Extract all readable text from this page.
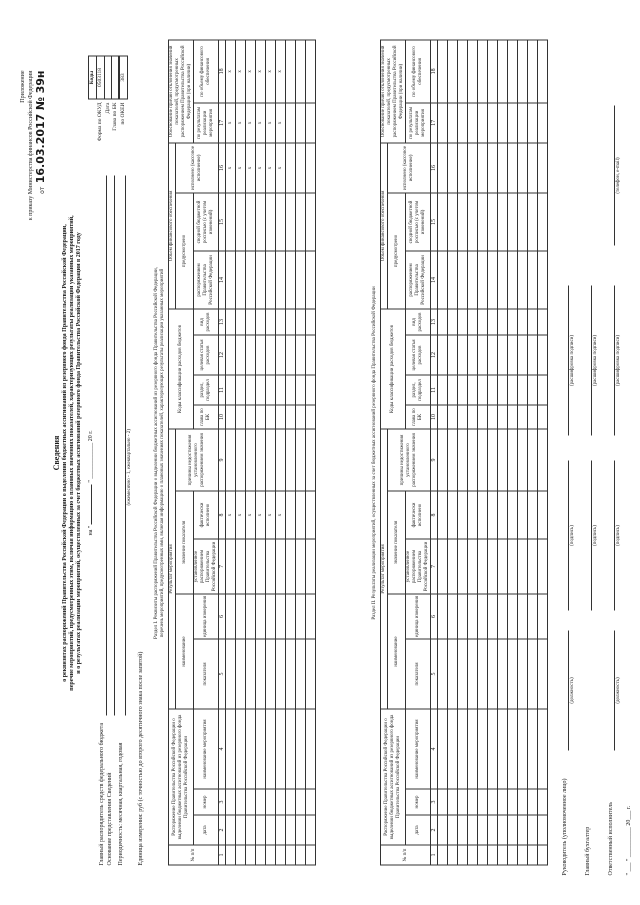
Приложение к приказу Министерства финансов Российской Федерации от 16.03.2017 № 39н
Сведения о реквизитах распоряжений Правительства Российской Федерации о выделении бюджетных ассигнований из резервного фонда Правительства Российской Федерации, перечне мероприятий, предусмотренных этим, включая информацию о плановых значениях показателей, характеризующих результаты реализации указанных мероприятий, и о результатах реализации мероприятий, осуществленных за счет бюджетных ассигнований резервного фонда Правительства Российской Федерации в 2017 году на "  " ____________ 20 г.
	Коды
Форма по ОКУД	0503118
Дата	
Глава по БК	

по ОКЕИ	383
Главный распорядитель средств федерального бюджета Основание представления Сведений Периодичность: месячная, квартальная, годовая
(ежемесячно - 1, ежеквартально - 2)
Единица измерения: руб (с точностью до второго десятичного знака после запятой)
Раздел I. Реквизиты распоряжений Правительства Российской Федерации о выделении бюджетных ассигнований из резервного фонда Правительства Российской Федерации, перечень мероприятий, предусмотренных ими, включая информацию о плановых значениях показателей, характеризующих результаты реализации указанных мероприятий
№ п/п	Распоряжение Правительства Российской Федерации о выделении бюджетных ассигнований из резервного фонда Правительства Российской Федерации			Результат мероприятия					Коды классификации расходов бюджетов				Объем финансового обеспечения			Обоснование причин отклонения значений показателей, предусмотренных распоряжением Правительства Российской Федерации (при наличии)	
				наименование		значение показателя		причины недостижения установленного распоряжением значения					предусмотрено		исполнено (кассовое исполнение)		
	дата	номер	наименование мероприятия	показателя	единица измерения	установленное распоряжением Правительства Российской Федерации	фактически исполнено		глава по БК	раздел, подраздел	целевая статья расходов	вид расходов	распоряжением Правительства Российской Федерации	сводной бюджетной росписью (с учетом изменений)		по результатам реализации мероприятия	по объему финансового обеспечения
1	2	3	4	5	6	7	8	9	10	11	12	13	14	15	16	17	18
							x								x	x	x
							x								x	x	x
							x								x	x	x
							x								x	x	x
							x								x	x	x
							x								x	x	x

Раздел II. Результаты реализации мероприятий, осуществленных за счет бюджетных ассигнований резервного фонда Правительства Российской Федерации
№ п/п	Распоряжение Правительства Российской Федерации о выделении бюджетных ассигнований из резервного фонда Правительства Российской Федерации			Результат мероприятия					Коды классификации расходов бюджетов				Объем финансового обеспечения			Обоснование причин отклонения значений показателей, предусмотренных распоряжением Правительства Российской Федерации (при наличии)	
				наименование		значение показателя		причины недостижения установленного распоряжением значения					предусмотрено		исполнено (кассовое исполнение)		
	дата	номер	наименование мероприятия	показателя	единица измерения	установленное распоряжением Правительства Российской Федерации	фактически исполнено		глава по БК	раздел, подраздел	целевая статья расходов	вид расходов	распоряжением Правительства Российской Федерации	сводной бюджетной росписью (с учетом изменений)		по результатам реализации мероприятия	по объему финансового обеспечения
1	2	3	4	5	6	7	8	9	10	11	12	13	14	15	16	17	18

Руководитель (уполномоченное лицо)
(должность)
(подпись)
(расшифровка подписи)
Главный бухгалтер
(подпись)
(расшифровка подписи)
Ответственный исполнитель
(должность)
(подпись)
(расшифровка подписи)
(телефон, e-mail)
" ___ " __________ 20___ г.
